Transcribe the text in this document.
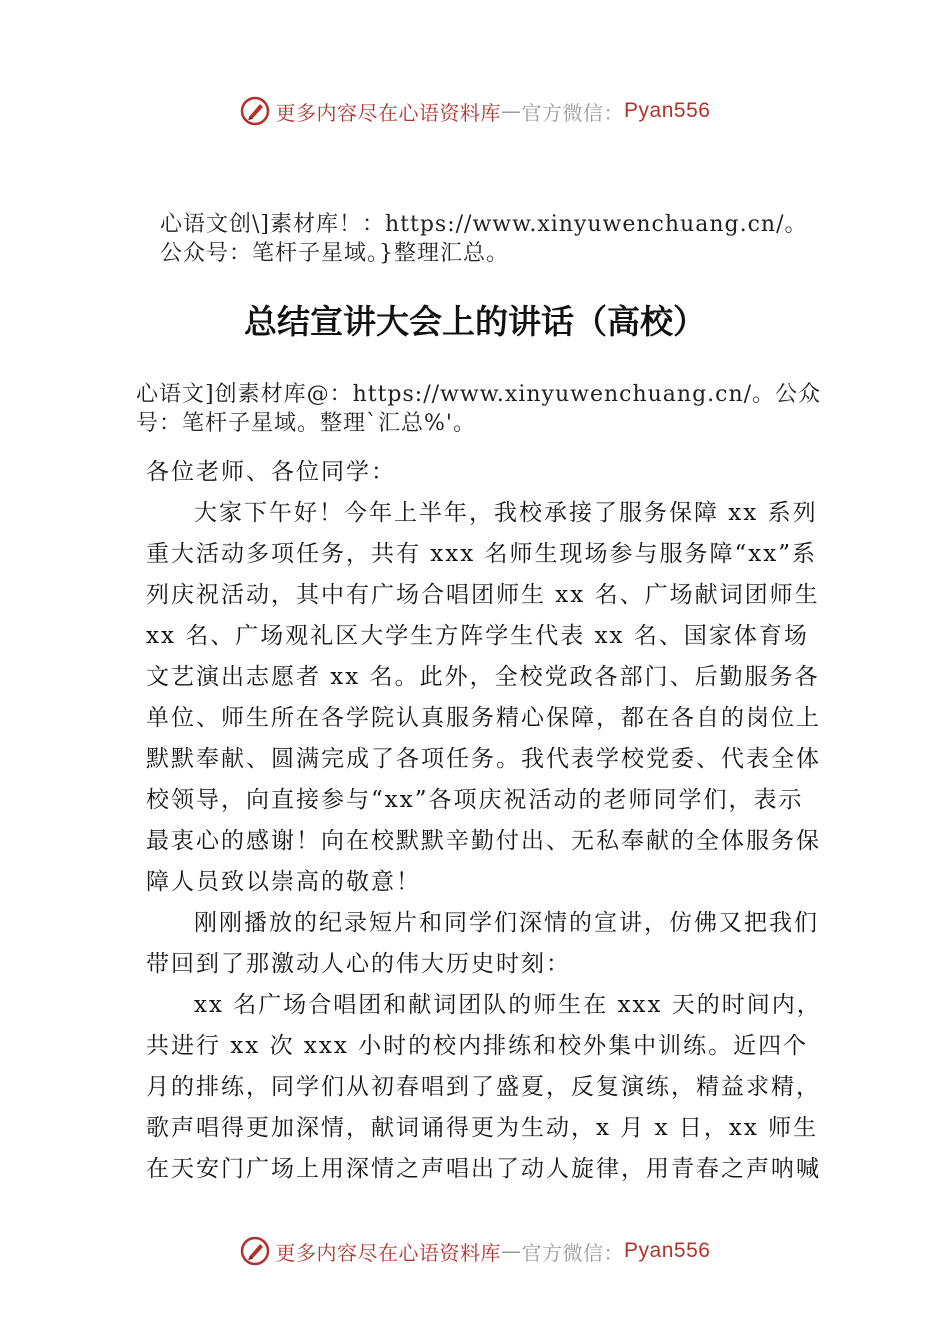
更多内容尽在心语资料库 — 官方微信： Pyan556
心语文创\]素材库！：https://www.xinyuwenchuang.cn/。
公众号：笔杆子星域。}整理汇总。
总结宣讲大会上的讲话（高校）
心语文]创素材库@：https://www.xinyuwenchuang.cn/。公众
号：笔杆子星域。整理`汇总%'。

各位老师、各位同学：

大家下午好！今年上半年，我校承接了服务保障 xx 系列重大活动多项任务，共有 xxx 名师生现场参与服务障“xx”系列庆祝活动，其中有广场合唱团师生 xx 名、广场献词团师生 xx 名、广场观礼区大学生方阵学生代表 xx 名、国家体育场文艺演出志愿者 xx 名。此外，全校党政各部门、后勤服务各单位、师生所在各学院认真服务精心保障，都在各自的岗位上默默奉献、圆满完成了各项任务。我代表学校党委、代表全体校领导，向直接参与“xx”各项庆祝活动的老师同学们，表示最衷心的感谢！向在校默默辛勤付出、无私奉献的全体服务保障人员致以崇高的敬意！

刚刚播放的纪录短片和同学们深情的宣讲，仿佛又把我们带回到了那激动人心的伟大历史时刻：

xx 名广场合唱团和献词团队的师生在 xxx 天的时间内，共进行 xx 次 xxx 小时的校内排练和校外集中训练。近四个月的排练，同学们从初春唱到了盛夏，反复演练，精益求精，歌声唱得更加深情，献词诵得更为生动，x 月 x 日，xx 师生在天安门广场上用深情之声唱出了动人旋律，用青春之声呐喊

更多内容尽在心语资料库 — 官方微信： Pyan556
